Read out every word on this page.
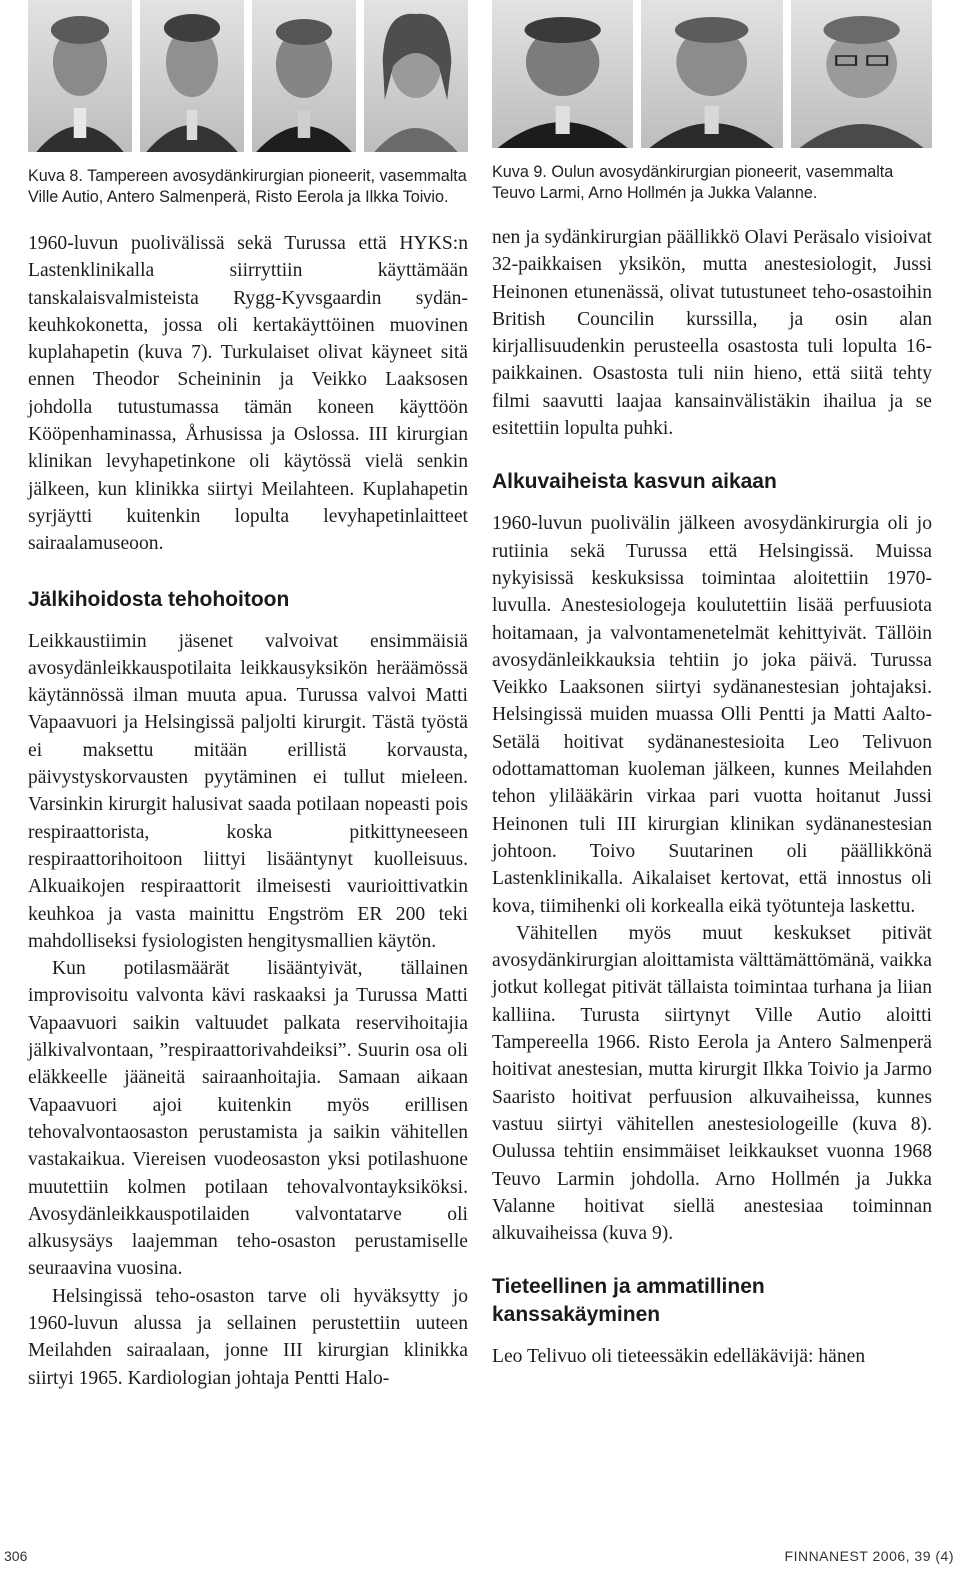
Kuva 8. Tampereen avosydänkirurgian pioneerit, vasemmalta Ville Autio, Antero Salmenperä, Risto Eerola ja Ilkka Toivio.

1960-luvun puolivälissä sekä Turussa että HYKS:n Lastenklinikalla siirryttiin käyttämään tanskalaisvalmisteista Rygg-Kyvsgaardin sydän-keuhkokonetta, jossa oli kertakäyttöinen muovinen kuplahapetin (kuva 7). Turkulaiset olivat käyneet sitä ennen Theodor Scheininin ja Veikko Laaksosen johdolla tutustumassa tämän koneen käyttöön Kööpenhaminassa, Århusissa ja Oslossa. III kirurgian klinikan levyhapetinkone oli käytössä vielä senkin jälkeen, kun klinikka siirtyi Meilahteen. Kuplahapetin syrjäytti kuitenkin lopulta levyhapetinlaitteet sairaalamuseoon.

Jälkihoidosta tehohoitoon

Leikkaustiimin jäsenet valvoivat ensimmäisiä avosydänleikkauspotilaita leikkausyksikön heräämössä käytännössä ilman muuta apua. Turussa valvoi Matti Vapaavuori ja Helsingissä paljolti kirurgit. Tästä työstä ei maksettu mitään erillistä korvausta, päivystyskorvausten pyytäminen ei tullut mieleen. Varsinkin kirurgit halusivat saada potilaan nopeasti pois respiraattorista, koska pitkittyneeseen respiraattorihoitoon liittyi lisääntynyt kuolleisuus. Alkuaikojen respiraattorit ilmeisesti vaurioittivatkin keuhkoa ja vasta mainittu Engström ER 200 teki mahdolliseksi fysiologisten hengitysmallien käytön.

Kun potilasmäärät lisääntyivät, tällainen improvisoitu valvonta kävi raskaaksi ja Turussa Matti Vapaavuori saikin valtuudet palkata reservihoitajia jälkivalvontaan, ”respiraattorivahdeiksi”. Suurin osa oli eläkkeelle jääneitä sairaanhoitajia. Samaan aikaan Vapaavuori ajoi kuitenkin myös erillisen tehovalvontaosaston perustamista ja saikin vähitellen vastakaikua. Viereisen vuodeosaston yksi potilashuone muutettiin kolmen potilaan tehovalvontayksiköksi. Avosydänleikkauspotilaiden valvontatarve oli alkusysäys laajemman teho-osaston perustamiselle seuraavina vuosina.

Helsingissä teho-osaston tarve oli hyväksytty jo 1960-luvun alussa ja sellainen perustettiin uuteen Meilahden sairaalaan, jonne III kirurgian klinikka siirtyi 1965. Kardiologian johtaja Pentti Halo-

Kuva 9. Oulun avosydänkirurgian pioneerit, vasemmalta Teuvo Larmi, Arno Hollmén ja Jukka Valanne.

nen ja sydänkirurgian päällikkö Olavi Peräsalo visioivat 32-paikkaisen yksikön, mutta anestesiologit, Jussi Heinonen etunenässä, olivat tutustuneet teho-osastoihin British Councilin kurssilla, ja osin alan kirjallisuudenkin perusteella osastosta tuli lopulta 16-paikkainen. Osastosta tuli niin hieno, että siitä tehty filmi saavutti laajaa kansainvälistäkin ihailua ja se esitettiin lopulta puhki.

Alkuvaiheista kasvun aikaan

1960-luvun puolivälin jälkeen avosydänkirurgia oli jo rutiinia sekä Turussa että Helsingissä. Muissa nykyisissä keskuksissa toimintaa aloitettiin 1970-luvulla. Anestesiologeja koulutettiin lisää perfuusiota hoitamaan, ja valvontamenetelmät kehittyivät. Tällöin avosydänleikkauksia tehtiin jo joka päivä. Turussa Veikko Laaksonen siirtyi sydänanestesian johtajaksi. Helsingissä muiden muassa Olli Pentti ja Matti Aalto-Setälä hoitivat sydänanestesioita Leo Telivuon odottamattoman kuoleman jälkeen, kunnes Meilahden tehon ylilääkärin virkaa pari vuotta hoitanut Jussi Heinonen tuli III kirurgian klinikan sydänanestesian johtoon. Toivo Suutarinen oli päällikkönä Lastenklinikalla. Aikalaiset kertovat, että innostus oli kova, tiimihenki oli korkealla eikä työtunteja laskettu.

Vähitellen myös muut keskukset pitivät avosydänkirurgian aloittamista välttämättömänä, vaikka jotkut kollegat pitivät tällaista toimintaa turhana ja liian kalliina. Turusta siirtynyt Ville Autio aloitti Tampereella 1966. Risto Eerola ja Antero Salmenperä hoitivat anestesian, mutta kirurgit Ilkka Toivio ja Jarmo Saaristo hoitivat perfuusion alkuvaiheissa, kunnes vastuu siirtyi vähitellen anestesiologeille (kuva 8). Oulussa tehtiin ensimmäiset leikkaukset vuonna 1968 Teuvo Larmin johdolla. Arno Hollmén ja Jukka Valanne hoitivat siellä anestesiaa toiminnan alkuvaiheissa (kuva 9).

Tieteellinen ja ammatillinen kanssakäyminen

Leo Telivuo oli tieteessäkin edelläkävijä: hänen

306	FINNANEST 2006, 39 (4)
